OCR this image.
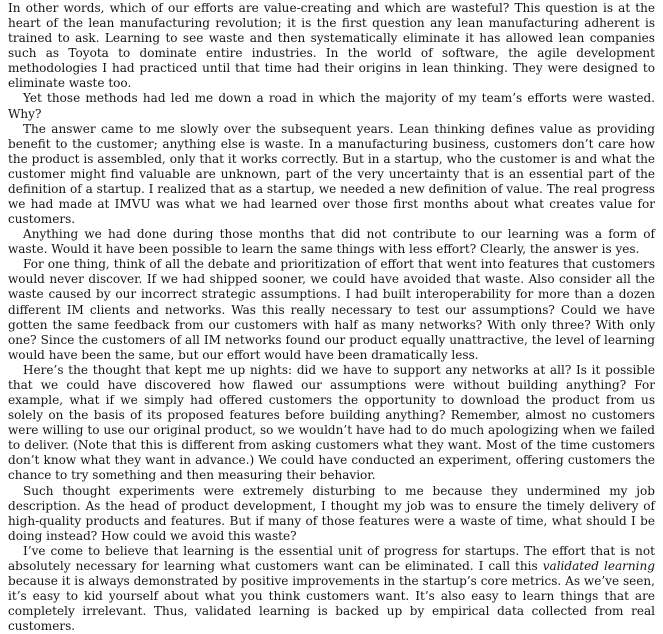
In other words, which of our efforts are value-creating and which are wasteful? This question is at the heart of the lean manufacturing revolution; it is the first question any lean manufacturing adherent is trained to ask. Learning to see waste and then systematically eliminate it has allowed lean companies such as Toyota to dominate entire industries. In the world of software, the agile development methodologies I had practiced until that time had their origins in lean thinking. They were designed to eliminate waste too.

Yet those methods had led me down a road in which the majority of my team’s efforts were wasted. Why?

The answer came to me slowly over the subsequent years. Lean thinking defines value as providing benefit to the customer; anything else is waste. In a manufacturing business, customers don’t care how the product is assembled, only that it works correctly. But in a startup, who the customer is and what the customer might find valuable are unknown, part of the very uncertainty that is an essential part of the definition of a startup. I realized that as a startup, we needed a new definition of value. The real progress we had made at IMVU was what we had learned over those first months about what creates value for customers.

Anything we had done during those months that did not contribute to our learning was a form of waste. Would it have been possible to learn the same things with less effort? Clearly, the answer is yes.

For one thing, think of all the debate and prioritization of effort that went into features that customers would never discover. If we had shipped sooner, we could have avoided that waste. Also consider all the waste caused by our incorrect strategic assumptions. I had built interoperability for more than a dozen different IM clients and networks. Was this really necessary to test our assumptions? Could we have gotten the same feedback from our customers with half as many networks? With only three? With only one? Since the customers of all IM networks found our product equally unattractive, the level of learning would have been the same, but our effort would have been dramatically less.

Here’s the thought that kept me up nights: did we have to support any networks at all? Is it possible that we could have discovered how flawed our assumptions were without building anything? For example, what if we simply had offered customers the opportunity to download the product from us solely on the basis of its proposed features before building anything? Remember, almost no customers were willing to use our original product, so we wouldn’t have had to do much apologizing when we failed to deliver. (Note that this is different from asking customers what they want. Most of the time customers don’t know what they want in advance.) We could have conducted an experiment, offering customers the chance to try something and then measuring their behavior.

Such thought experiments were extremely disturbing to me because they undermined my job description. As the head of product development, I thought my job was to ensure the timely delivery of high-quality products and features. But if many of those features were a waste of time, what should I be doing instead? How could we avoid this waste?

I’ve come to believe that learning is the essential unit of progress for startups. The effort that is not absolutely necessary for learning what customers want can be eliminated. I call this validated learning because it is always demonstrated by positive improvements in the startup’s core metrics. As we’ve seen, it’s easy to kid yourself about what you think customers want. It’s also easy to learn things that are completely irrelevant. Thus, validated learning is backed up by empirical data collected from real customers.
